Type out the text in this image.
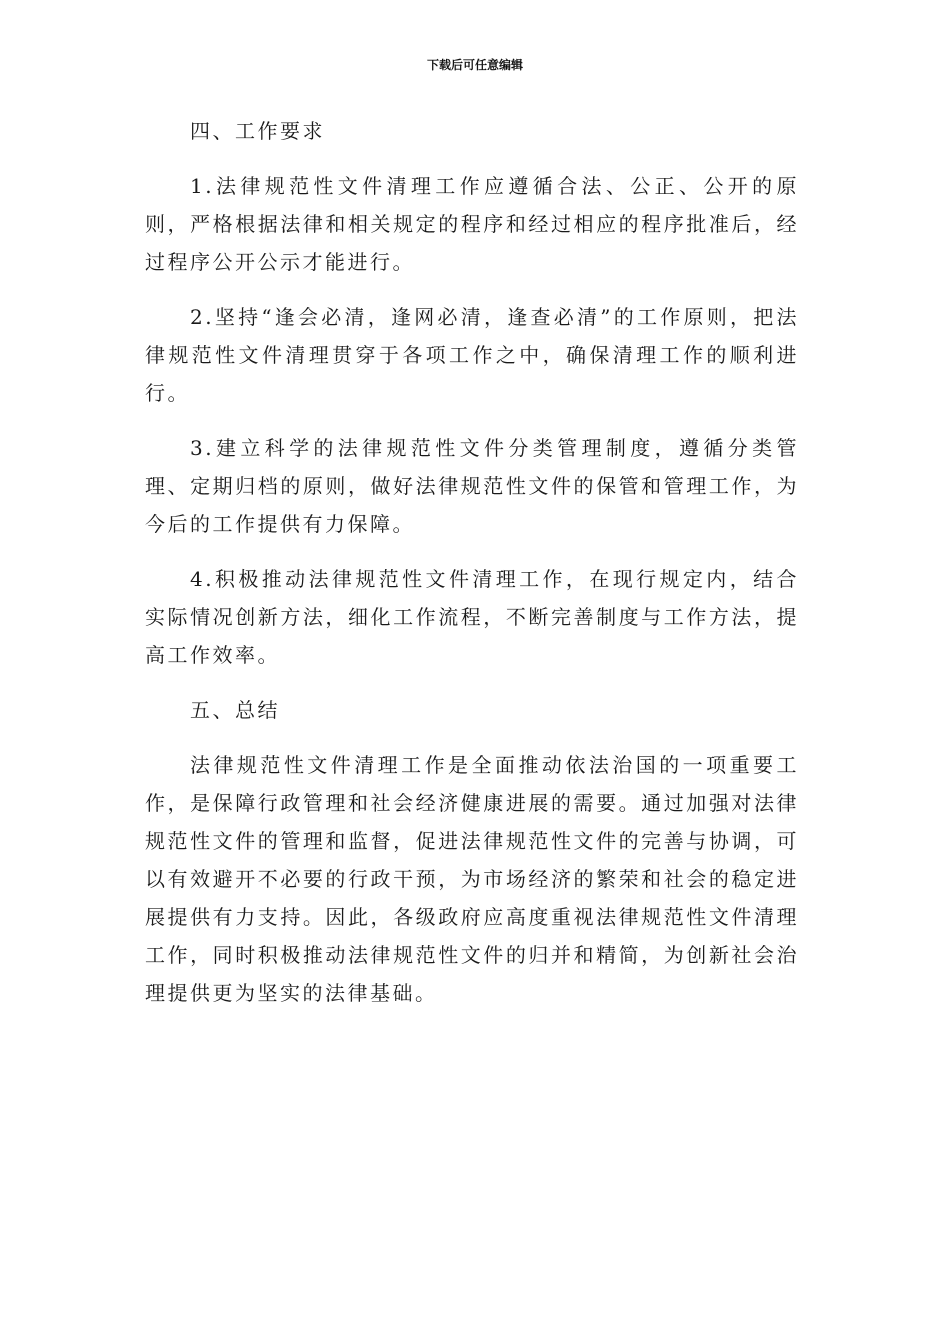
下载后可任意编辑

四、工作要求

1.法律规范性文件清理工作应遵循合法、公正、公开的原则，严格根据法律和相关规定的程序和经过相应的程序批准后，经过程序公开公示才能进行。

2.坚持“逢会必清，逢网必清，逢查必清”的工作原则，把法律规范性文件清理贯穿于各项工作之中，确保清理工作的顺利进行。

3.建立科学的法律规范性文件分类管理制度，遵循分类管理、定期归档的原则，做好法律规范性文件的保管和管理工作，为今后的工作提供有力保障。

4.积极推动法律规范性文件清理工作，在现行规定内，结合实际情况创新方法，细化工作流程，不断完善制度与工作方法，提高工作效率。

五、总结

法律规范性文件清理工作是全面推动依法治国的一项重要工作，是保障行政管理和社会经济健康进展的需要。通过加强对法律规范性文件的管理和监督，促进法律规范性文件的完善与协调，可以有效避开不必要的行政干预，为市场经济的繁荣和社会的稳定进展提供有力支持。因此，各级政府应高度重视法律规范性文件清理工作，同时积极推动法律规范性文件的归并和精简，为创新社会治理提供更为坚实的法律基础。
